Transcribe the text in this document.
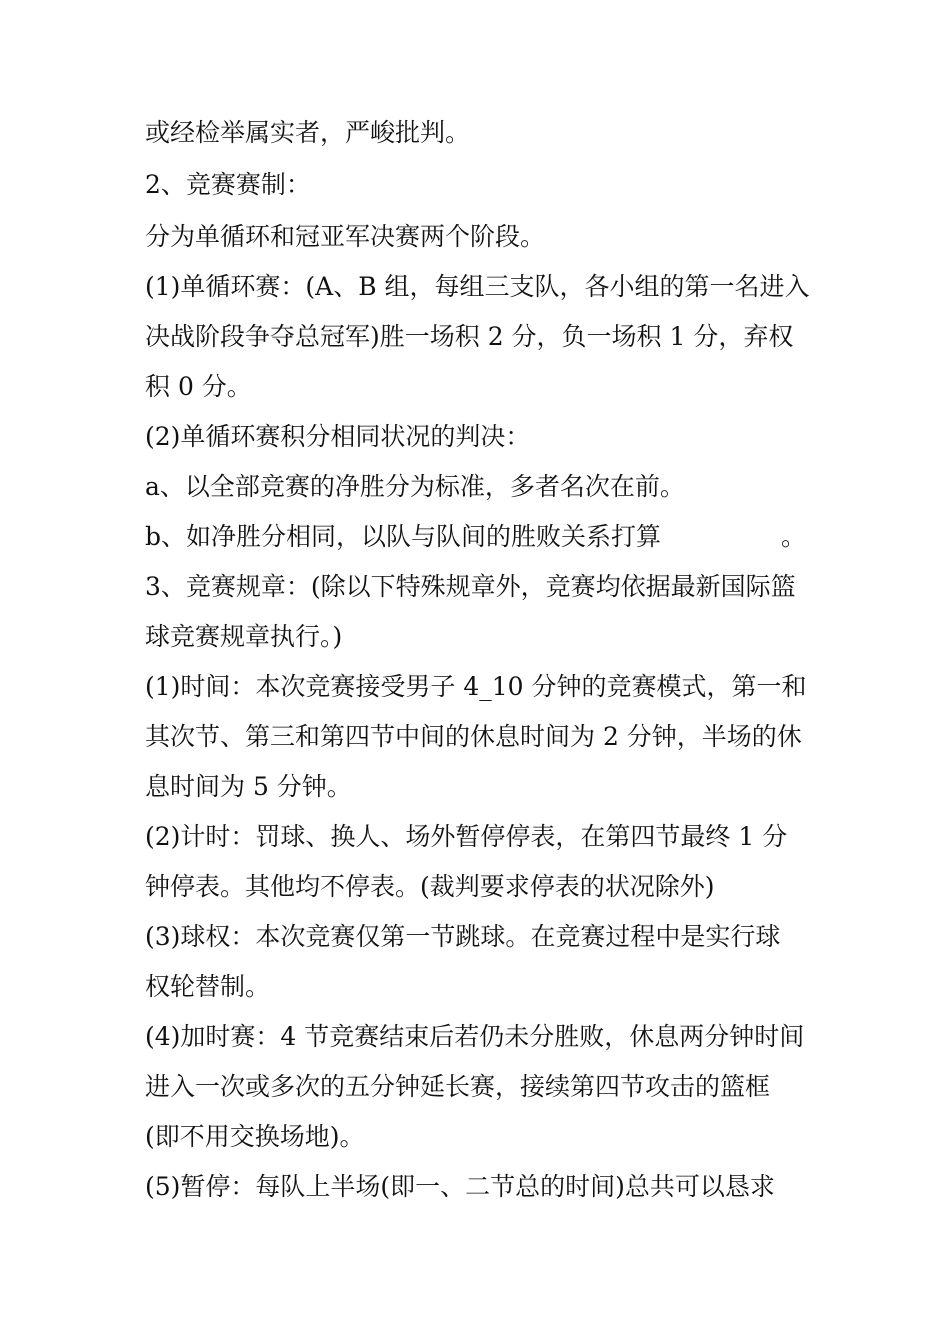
或经检举属实者，严峻批判。
2、竞赛赛制：
分为单循环和冠亚军决赛两个阶段。
(1)单循环赛：(A、B 组，每组三支队，各小组的第一名进入
决战阶段争夺总冠军)胜一场积 2 分，负一场积 1 分，弃权
积 0 分。
(2)单循环赛积分相同状况的判决：
a、以全部竞赛的净胜分为标准，多者名次在前。
b、如净胜分相同，以队与队间的胜败关系打算	。
3、竞赛规章：(除以下特殊规章外，竞赛均依据最新国际篮
球竞赛规章执行。)
(1)时间：本次竞赛接受男子 4_10 分钟的竞赛模式，第一和
其次节、第三和第四节中间的休息时间为 2 分钟，半场的休
息时间为 5 分钟。
(2)计时：罚球、换人、场外暂停停表，在第四节最终 1 分
钟停表。其他均不停表。(裁判要求停表的状况除外)
(3)球权：本次竞赛仅第一节跳球。在竞赛过程中是实行球
权轮替制。
(4)加时赛：4 节竞赛结束后若仍未分胜败，休息两分钟时间
进入一次或多次的五分钟延长赛，接续第四节攻击的篮框
(即不用交换场地)。
(5)暂停：每队上半场(即一、二节总的时间)总共可以恳求
